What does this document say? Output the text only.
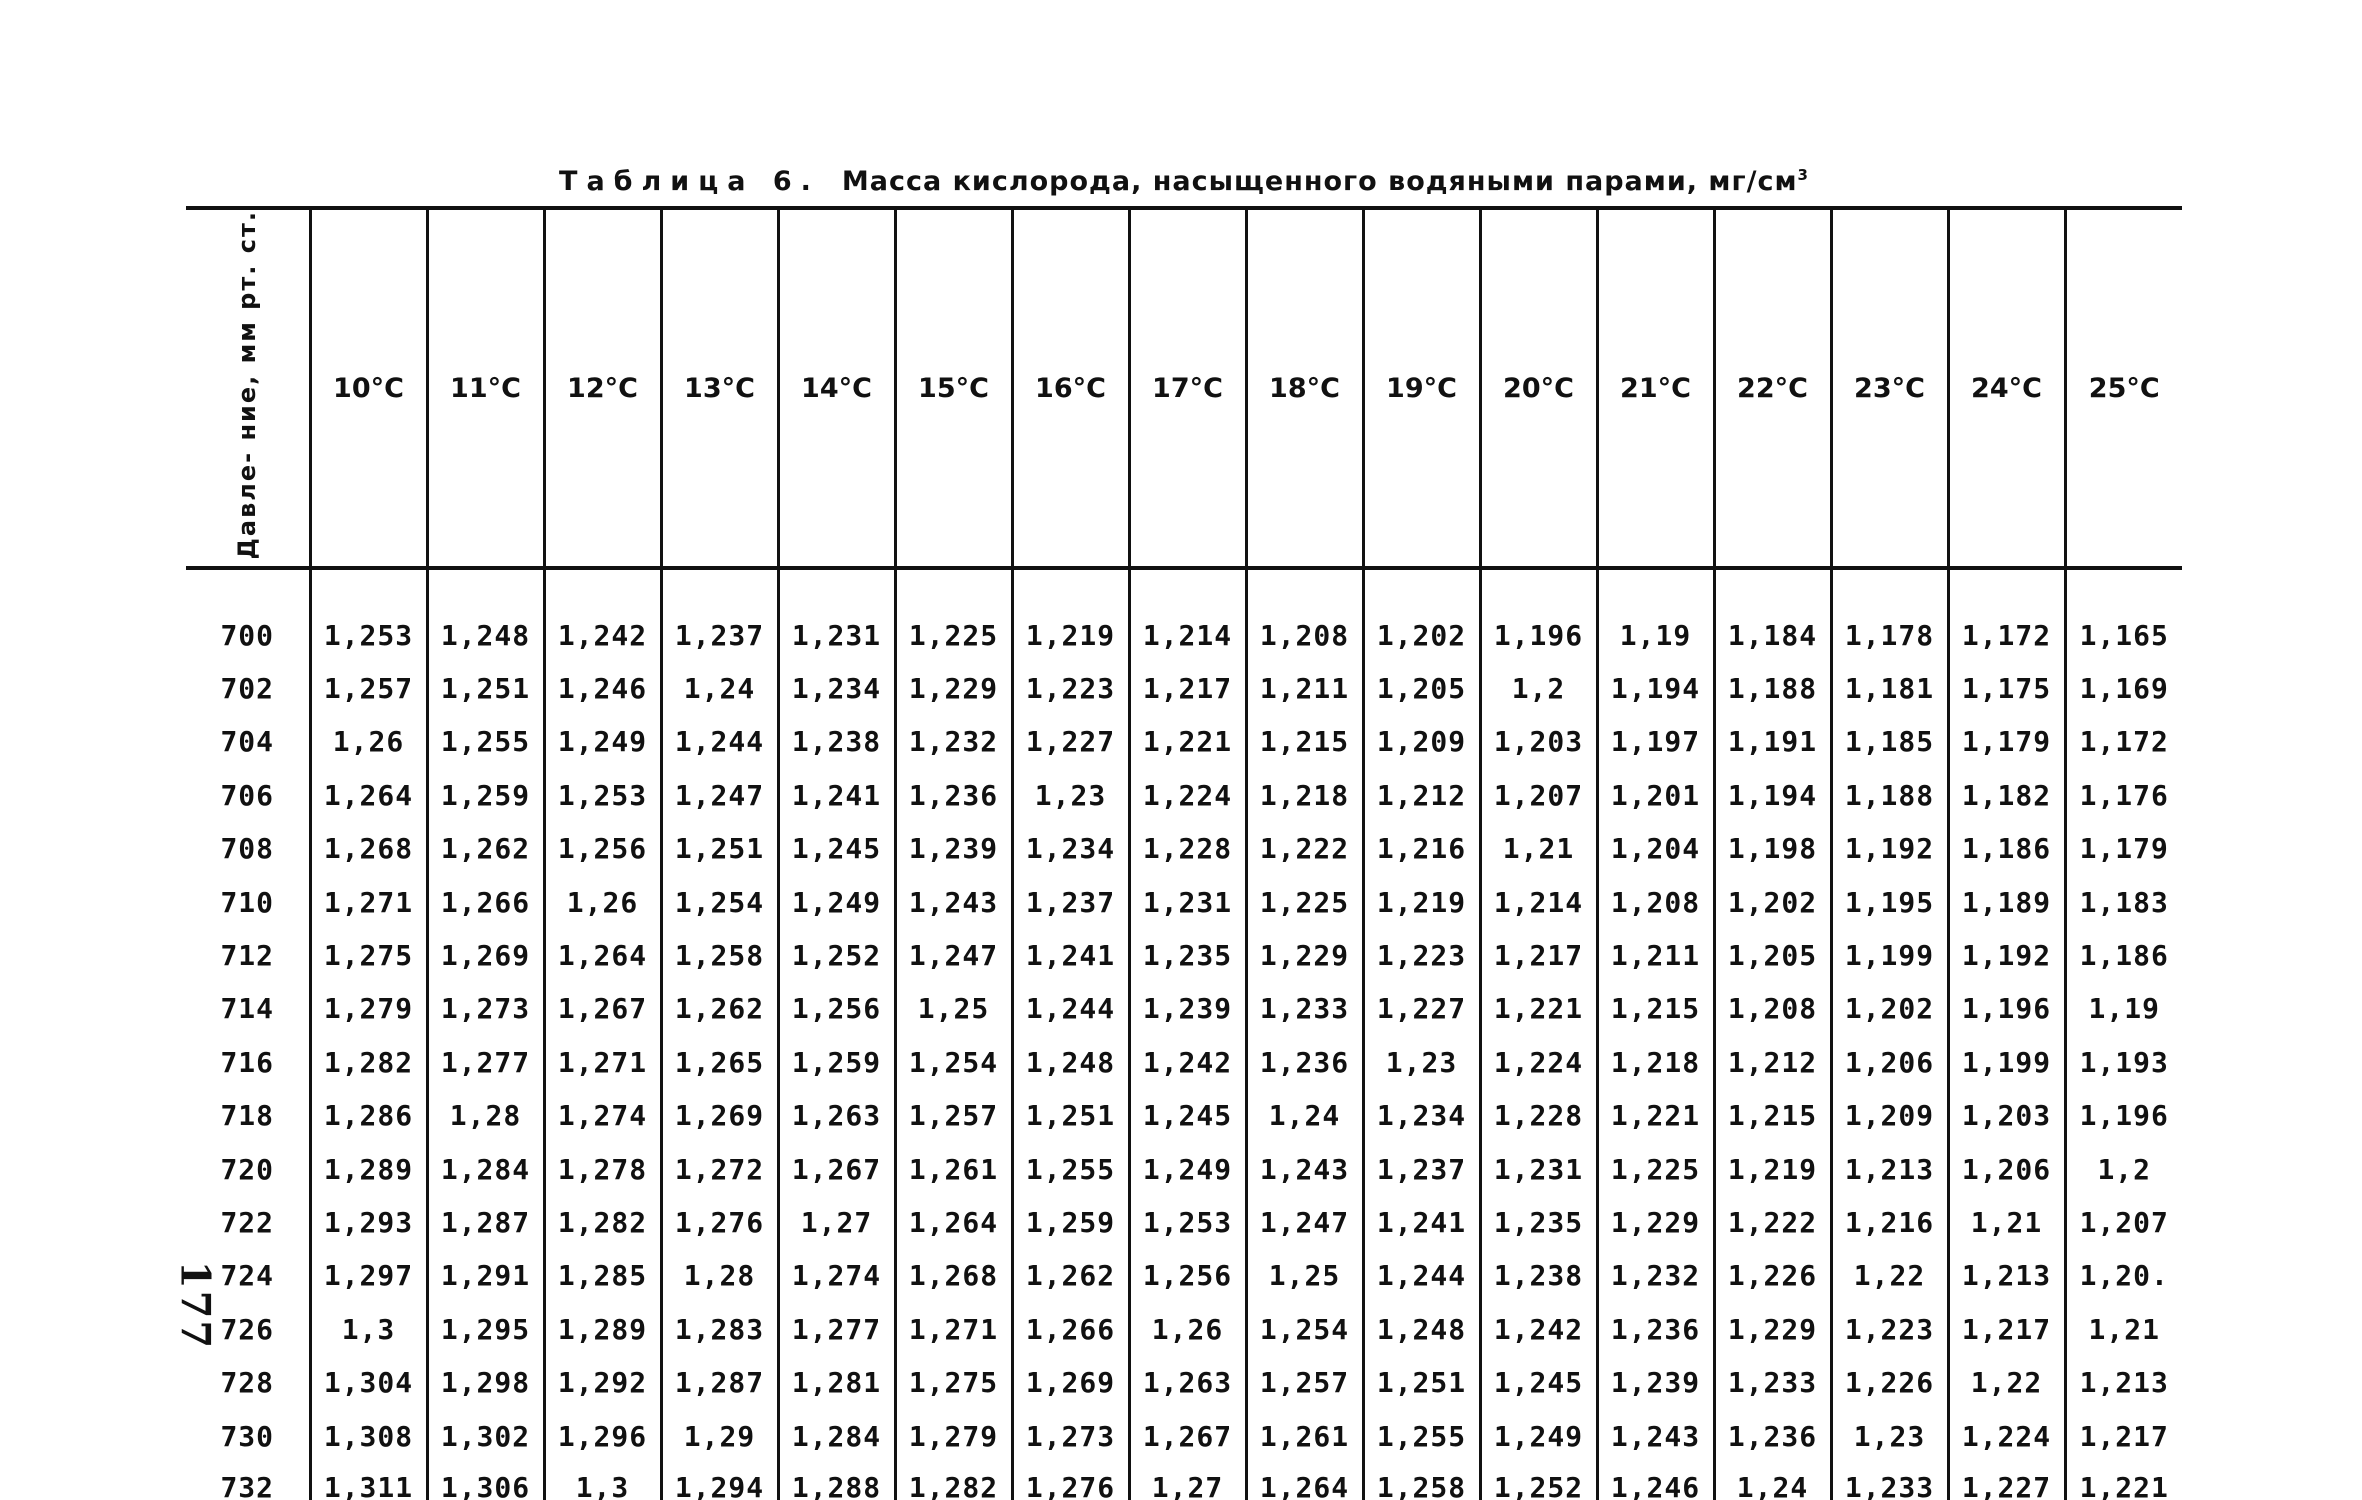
Таблица 6. Масса кислорода, насыщенного водяными парами, $мг/см^3$
Давле- ние, мм рт. ст.	10°C	11°C	12°C	13°C	14°C	15°C	16°C	17°C	18°C	19°C	20°C	21°C	22°C	23°C	24°C	25°C

700	1,253	1,248	1,242	1,237	1,231	1,225	1,219	1,214	1,208	1,202	1,196	1,19	1,184	1,178	1,172	1,165
702	1,257	1,251	1,246	1,24	1,234	1,229	1,223	1,217	1,211	1,205	1,2	1,194	1,188	1,181	1,175	1,169
704	1,26	1,255	1,249	1,244	1,238	1,232	1,227	1,221	1,215	1,209	1,203	1,197	1,191	1,185	1,179	1,172
706	1,264	1,259	1,253	1,247	1,241	1,236	1,23	1,224	1,218	1,212	1,207	1,201	1,194	1,188	1,182	1,176
708	1,268	1,262	1,256	1,251	1,245	1,239	1,234	1,228	1,222	1,216	1,21	1,204	1,198	1,192	1,186	1,179
710	1,271	1,266	1,26	1,254	1,249	1,243	1,237	1,231	1,225	1,219	1,214	1,208	1,202	1,195	1,189	1,183
712	1,275	1,269	1,264	1,258	1,252	1,247	1,241	1,235	1,229	1,223	1,217	1,211	1,205	1,199	1,192	1,186
714	1,279	1,273	1,267	1,262	1,256	1,25	1,244	1,239	1,233	1,227	1,221	1,215	1,208	1,202	1,196	1,19
716	1,282	1,277	1,271	1,265	1,259	1,254	1,248	1,242	1,236	1,23	1,224	1,218	1,212	1,206	1,199	1,193
718	1,286	1,28	1,274	1,269	1,263	1,257	1,251	1,245	1,24	1,234	1,228	1,221	1,215	1,209	1,203	1,196
720	1,289	1,284	1,278	1,272	1,267	1,261	1,255	1,249	1,243	1,237	1,231	1,225	1,219	1,213	1,206	1,2
722	1,293	1,287	1,282	1,276	1,27	1,264	1,259	1,253	1,247	1,241	1,235	1,229	1,222	1,216	1,21	1,207
724	1,297	1,291	1,285	1,28	1,274	1,268	1,262	1,256	1,25	1,244	1,238	1,232	1,226	1,22	1,213	1,20.
726	1,3	1,295	1,289	1,283	1,277	1,271	1,266	1,26	1,254	1,248	1,242	1,236	1,229	1,223	1,217	1,21
728	1,304	1,298	1,292	1,287	1,281	1,275	1,269	1,263	1,257	1,251	1,245	1,239	1,233	1,226	1,22	1,213
730	1,308	1,302	1,296	1,29	1,284	1,279	1,273	1,267	1,261	1,255	1,249	1,243	1,236	1,23	1,224	1,217
732	1,311	1,306	1,3	1,294	1,288	1,282	1,276	1,27	1,264	1,258	1,252	1,246	1,24	1,233	1,227	1,221
177
